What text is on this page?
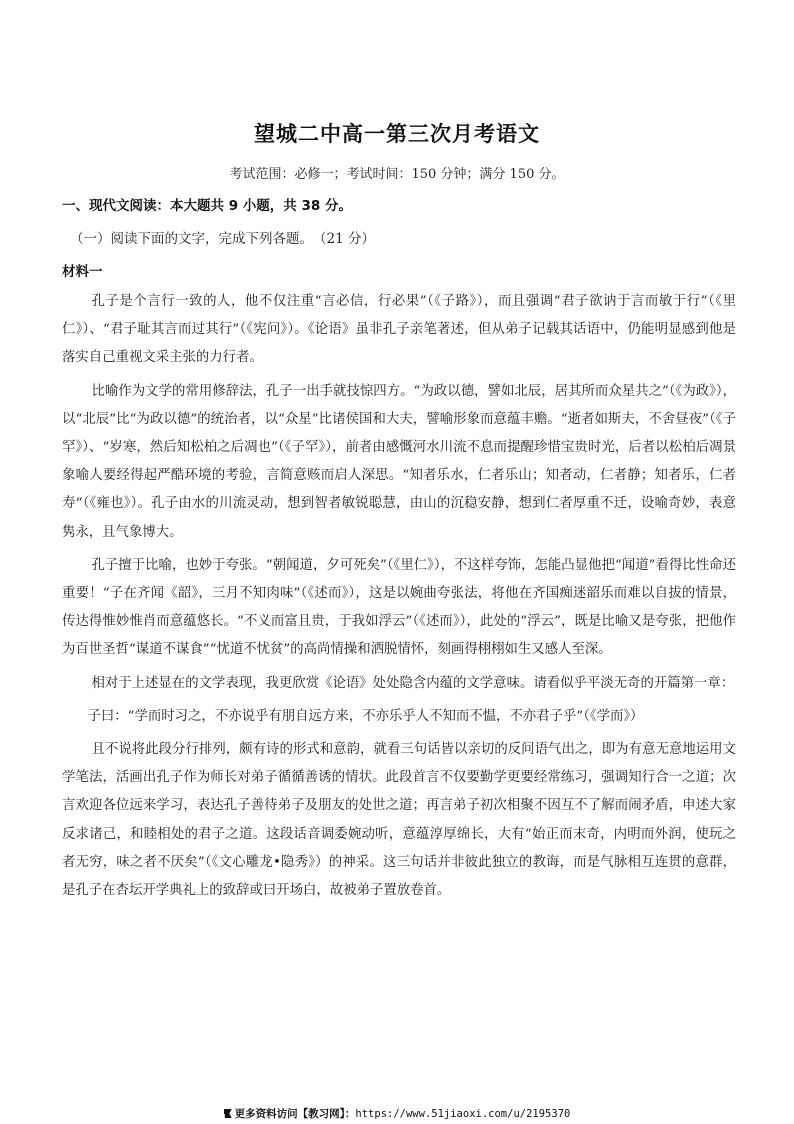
望城二中高一第三次月考语文
考试范围：必修一；考试时间：150 分钟；满分 150 分。
一、现代文阅读：本大题共 9 小题，共 38 分。
（一）阅读下面的文字，完成下列各题。　（21 分）
材料一

孔子是个言行一致的人，他不仅注重“言必信，行必果”（《子路》），而且强调“君子欲讷于言而敏于行”（《里仁》）、“君子耻其言而过其行”（《宪问》）。《论语》虽非孔子亲笔著述，但从弟子记载其话语中，仍能明显感到他是落实自己重视文采主张的力行者。

比喻作为文学的常用修辞法，孔子一出手就技惊四方。“为政以德，譬如北辰，居其所而众星共之”（《为政》），以“北辰”比“为政以德”的统治者，以“众星”比诸侯国和大夫，譬喻形象而意蕴丰赡。“逝者如斯夫，不舍昼夜”（《子罕》）、“岁寒，然后知松柏之后凋也”（《子罕》），前者由感慨河水川流不息而提醒珍惜宝贵时光，后者以松柏后凋景象喻人要经得起严酷环境的考验，言简意赅而启人深思。“知者乐水，仁者乐山；知者动，仁者静；知者乐，仁者寿“（《雍也》）。孔子由水的川流灵动，想到智者敏锐聪慧，由山的沉稳安静，想到仁者厚重不迁，设喻奇妙，表意隽永，且气象博大。

孔子擅于比喻，也妙于夸张。“朝闻道，夕可死矣”（《里仁》），不这样夸饰，怎能凸显他把“闻道”看得比性命还重要！“子在齐闻《韶》，三月不知肉味”（《述而》），这是以婉曲夸张法，将他在齐国痴迷韶乐而难以自拔的情景，传达得惟妙惟肖而意蕴悠长。“不义而富且贵，于我如浮云”（《述而》），此处的“浮云”，既是比喻又是夸张，把他作为百世圣哲“谋道不谋食”“忧道不忧贫”的高尚情操和洒脱情怀，刻画得栩栩如生又感人至深。

相对于上述显在的文学表现，我更欣赏《论语》处处隐含内蕴的文学意味。请看似乎平淡无奇的开篇第一章：

子曰：“学而时习之，不亦说乎有朋自远方来，不亦乐乎人不知而不愠，不亦君子乎”（《学而》）

且不说将此段分行排列，颇有诗的形式和意韵，就看三句话皆以亲切的反问语气出之，即为有意无意地运用文学笔法，活画出孔子作为师长对弟子循循善诱的情状。此段首言不仅要勤学更要经常练习，强调知行合一之道；次言欢迎各位远来学习，表达孔子善待弟子及朋友的处世之道；再言弟子初次相聚不因互不了解而闹矛盾，申述大家反求诸己，和睦相处的君子之道。这段话音调委婉动听，意蕴淳厚绵长，大有“始正而末奇，内明而外润，使玩之者无穷，味之者不厌矣”（《文心雕龙•隐秀》）的神采。这三句话并非彼此独立的教诲，而是气脉相互连贯的意群，是孔子在杏坛开学典礼上的致辞或曰开场白，故被弟子置放卷首。

更多资料访问【教习网】：https://www.51jiaoxi.com/u/2195370
